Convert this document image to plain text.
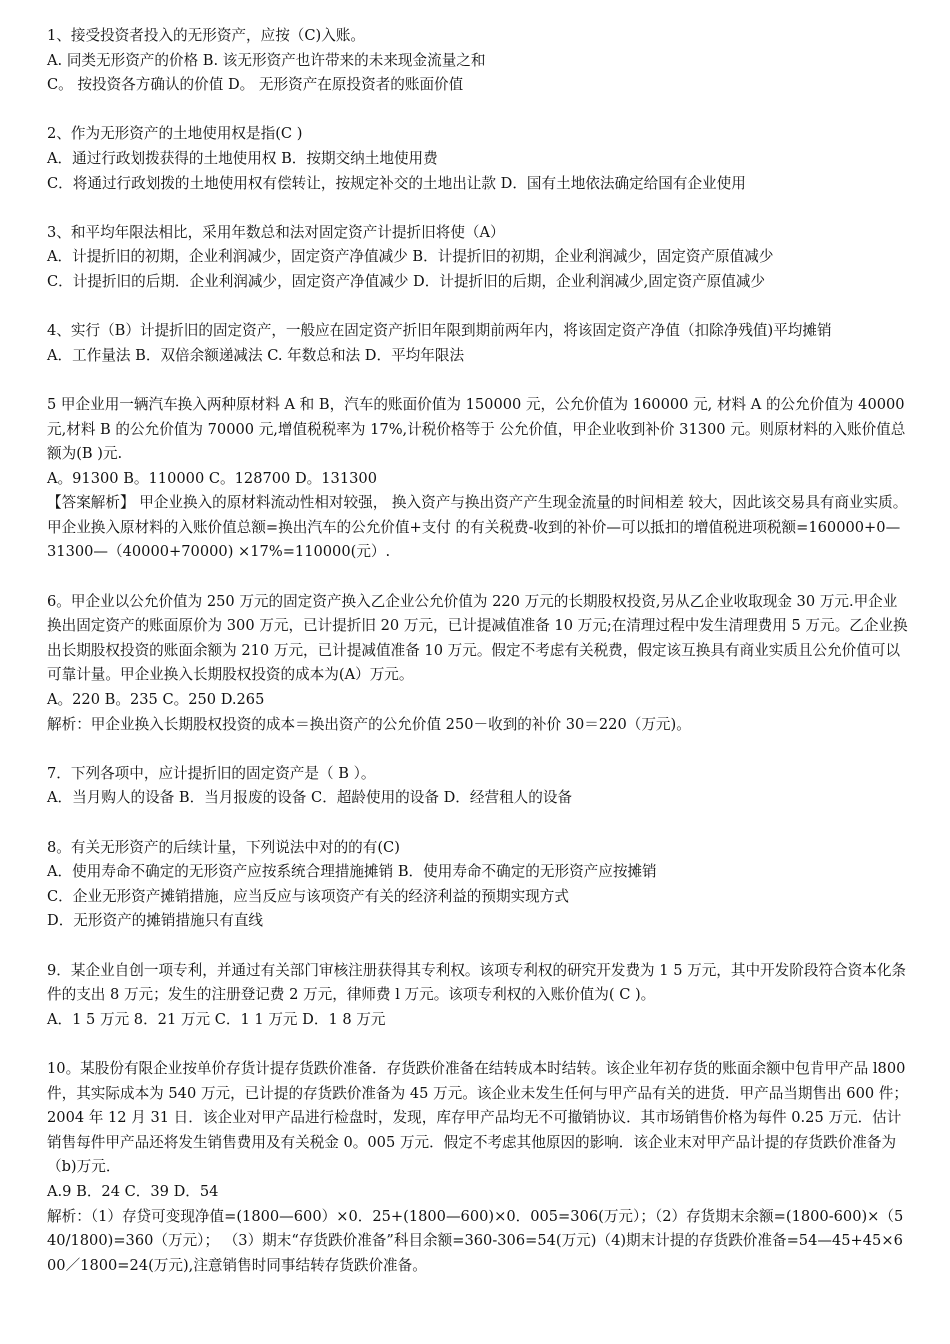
1、接受投资者投入的无形资产，应按（C)入账。

A. 同类无形资产的价格 B. 该无形资产也许带来的未来现金流量之和

C。 按投资各方确认的价值 D。 无形资产在原投资者的账面价值

2、作为无形资产的土地使用权是指(C )

A．通过行政划拨获得的土地使用权 B．按期交纳土地使用费

C．将通过行政划拨的土地使用权有偿转让，按规定补交的土地出让款 D．国有土地依法确定给国有企业使用

3、和平均年限法相比，采用年数总和法对固定资产计提折旧将使（A）

A．计提折旧的初期，企业利润减少，固定资产净值减少 B．计提折旧的初期，企业利润减少，固定资产原值减少

C．计提折旧的后期．企业利润减少，固定资产净值减少 D．计提折旧的后期，企业利润减少,固定资产原值减少

4、实行（B）计提折旧的固定资产，一般应在固定资产折旧年限到期前两年内，将该固定资产净值（扣除净残值)平均摊销

A．工作量法 B．双倍余额递减法 C. 年数总和法 D．平均年限法

5 甲企业用一辆汽车换入两种原材料 A 和 B，汽车的账面价值为 150000 元，公允价值为 160000 元, 材料 A 的公允价值为 40000 元,材料 B 的公允价值为 70000 元,增值税税率为 17%,计税价格等于 公允价值，甲企业收到补价 31300 元。则原材料的入账价值总额为(B )元.

A。91300 B。110000 C。128700 D。131300

【答案解析】 甲企业换入的原材料流动性相对较强， 换入资产与换出资产产生现金流量的时间相差 较大，因此该交易具有商业实质。甲企业换入原材料的入账价值总额=换出汽车的公允价值+支付 的有关税费-收到的补价—可以抵扣的增值税进项税额=160000+0—31300—（40000+70000) ×17%=110000(元）.

6。甲企业以公允价值为 250 万元的固定资产换入乙企业公允价值为 220 万元的长期股权投资,另从乙企业收取现金 30 万元.甲企业换出固定资产的账面原价为 300 万元，已计提折旧 20 万元，已计提减值准备 10 万元;在清理过程中发生清理费用 5 万元。乙企业换出长期股权投资的账面余额为 210 万元，已计提减值准备 10 万元。假定不考虑有关税费，假定该互换具有商业实质且公允价值可以可靠计量。甲企业换入长期股权投资的成本为(A）万元。

A。220 B。235 C。250 D.265

解析：甲企业换入长期股权投资的成本＝换出资产的公允价值 250－收到的补价 30＝220（万元)。

7．下列各项中，应计提折旧的固定资产是（ B ）。

A．当月购人的设备 B．当月报废的设备 C．超龄使用的设备 D．经营租人的设备

8。有关无形资产的后续计量，下列说法中对的的有(C)

A．使用寿命不确定的无形资产应按系统合理措施摊销 B．使用寿命不确定的无形资产应按摊销

C．企业无形资产摊销措施，应当反应与该项资产有关的经济利益的预期实现方式

D．无形资产的摊销措施只有直线

9．某企业自创一项专利，并通过有关部门审核注册获得其专利权。该项专利权的研究开发费为 1 5 万元，其中开发阶段符合资本化条件的支出 8 万元；发生的注册登记费 2 万元，律师费 l 万元。该项专利权的入账价值为( C )。

A．1 5 万元 8．21 万元 C．1 1 万元 D．1 8 万元

10。某股份有限企业按单价存货计提存货跌价准备．存货跌价准备在结转成本时结转。该企业年初存货的账面余额中包肯甲产品 l800 件，其实际成本为 540 万元，已计提的存货跌价准备为 45 万元。该企业未发生任何与甲产品有关的进货．甲产品当期售出 600 件；2004 年 12 月 31 日．该企业对甲产品进行检盘时，发现，库存甲产品均无不可撤销协议．其市场销售价格为每件 0.25 万元．估计销售每件甲产品还将发生销售费用及有关税金 0。005 万元．假定不考虑其他原因的影响．该企业末对甲产品计提的存货跌价准备为（b)万元．

A.9 B．24 C．39 D．54

解析：（1）存贷可变现净值=(1800—600）×0．25+(1800—600)×0．005=306(万元）；（2）存货期末余额=(1800-600)×（540/1800)=360（万元）； （3）期末“存货跌价准备”科目余额=360-306=54(万元)（4)期末计提的存货跌价准备=54—45+45×600／1800=24(万元),注意销售时同事结转存货跌价准备。
